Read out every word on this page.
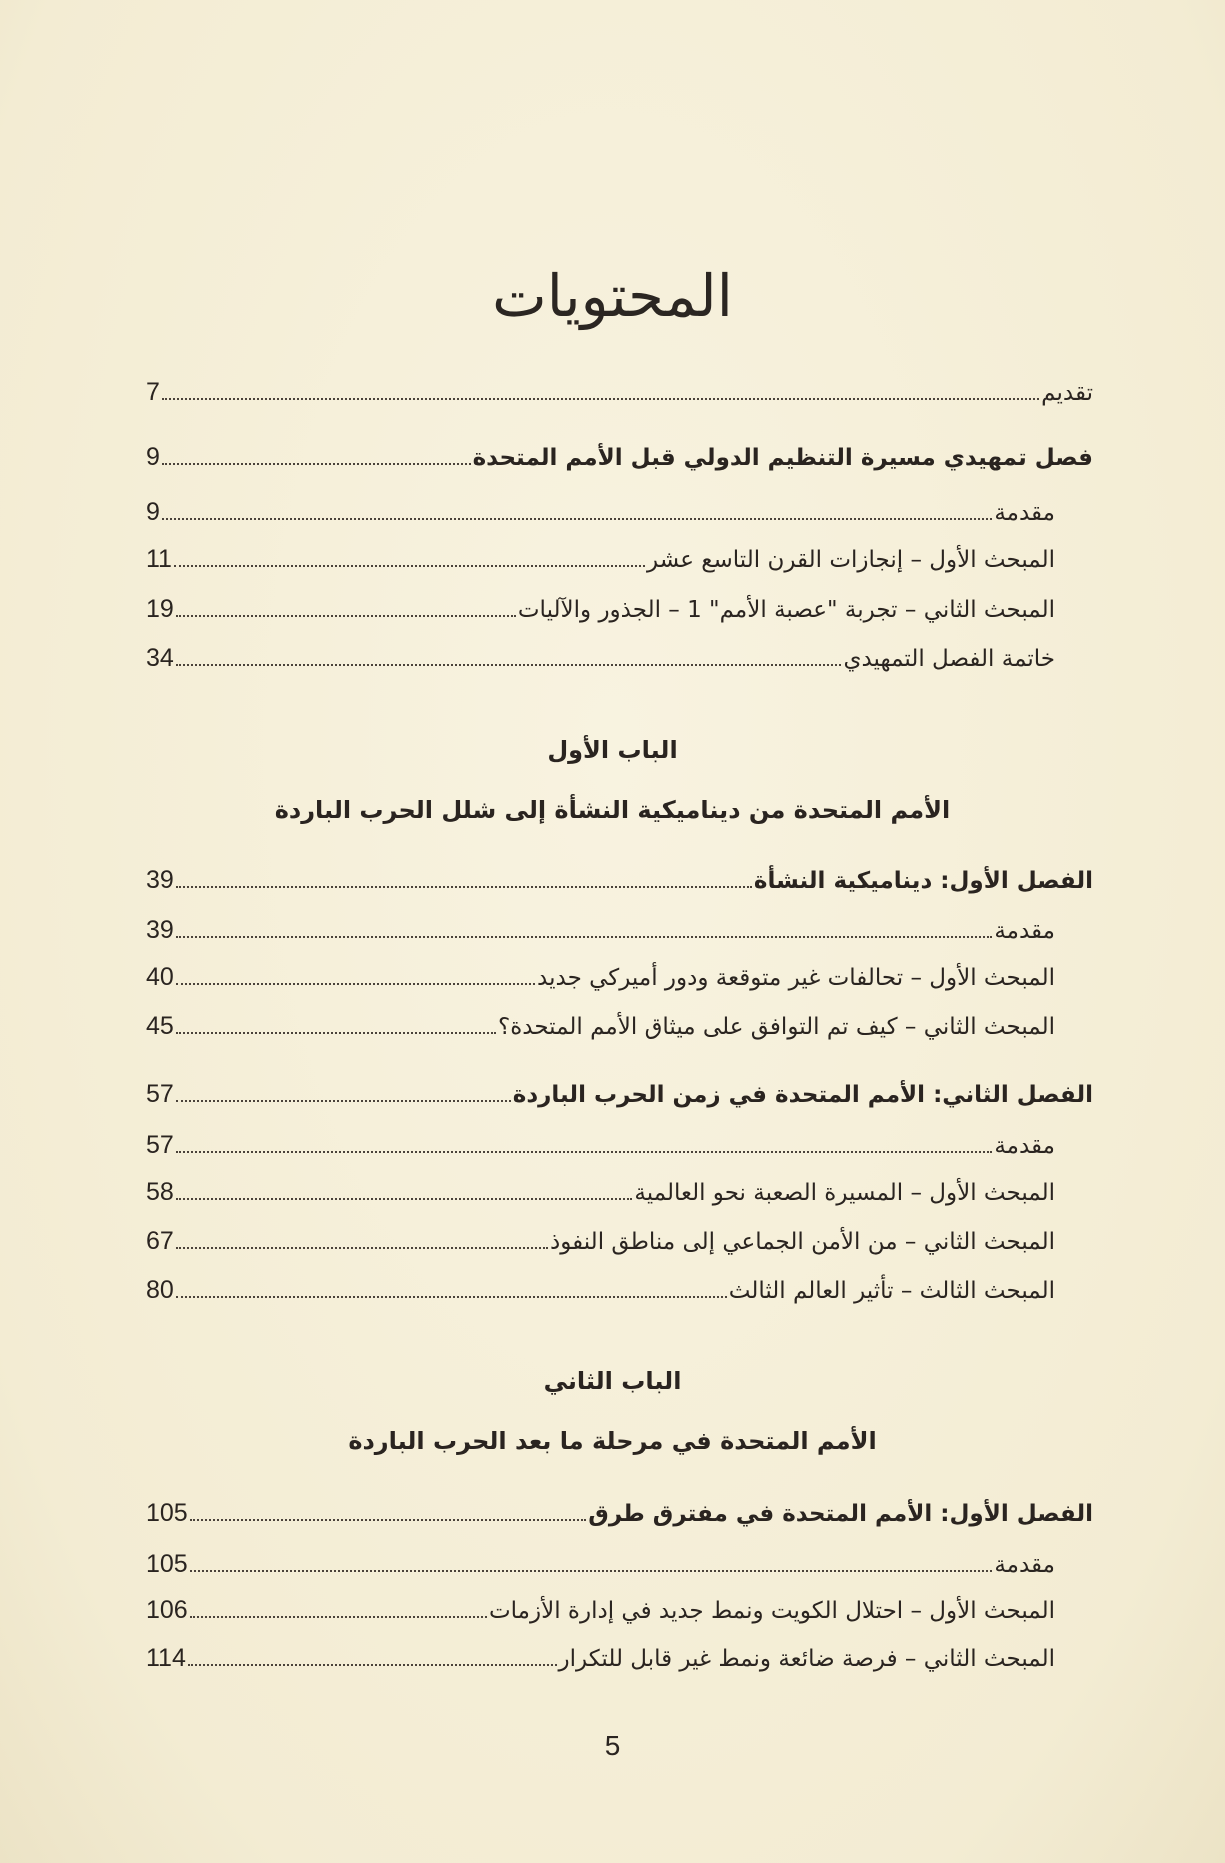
المحتويات
الباب الأول
الأمم المتحدة من ديناميكية النشأة إلى شلل الحرب الباردة
الباب الثاني
الأمم المتحدة في مرحلة ما بعد الحرب الباردة
تقديم
7
فصل تمهيدي مسيرة التنظيم الدولي قبل الأمم المتحدة
9
مقدمة
9
المبحث الأول – إنجازات القرن التاسع عشر
11
المبحث الثاني – تجربة "عصبة الأمم" 1 – الجذور والآليات
19
خاتمة الفصل التمهيدي
34
الفصل الأول: ديناميكية النشأة
39
مقدمة
39
المبحث الأول – تحالفات غير متوقعة ودور أميركي جديد
40
المبحث الثاني – كيف تم التوافق على ميثاق الأمم المتحدة؟
45
الفصل الثاني: الأمم المتحدة في زمن الحرب الباردة
57
مقدمة
57
المبحث الأول – المسيرة الصعبة نحو العالمية
58
المبحث الثاني – من الأمن الجماعي إلى مناطق النفوذ
67
المبحث الثالث – تأثير العالم الثالث
80
الفصل الأول: الأمم المتحدة في مفترق طرق
105
مقدمة
105
المبحث الأول – احتلال الكويت ونمط جديد في إدارة الأزمات
106
المبحث الثاني – فرصة ضائعة ونمط غير قابل للتكرار
114
5
